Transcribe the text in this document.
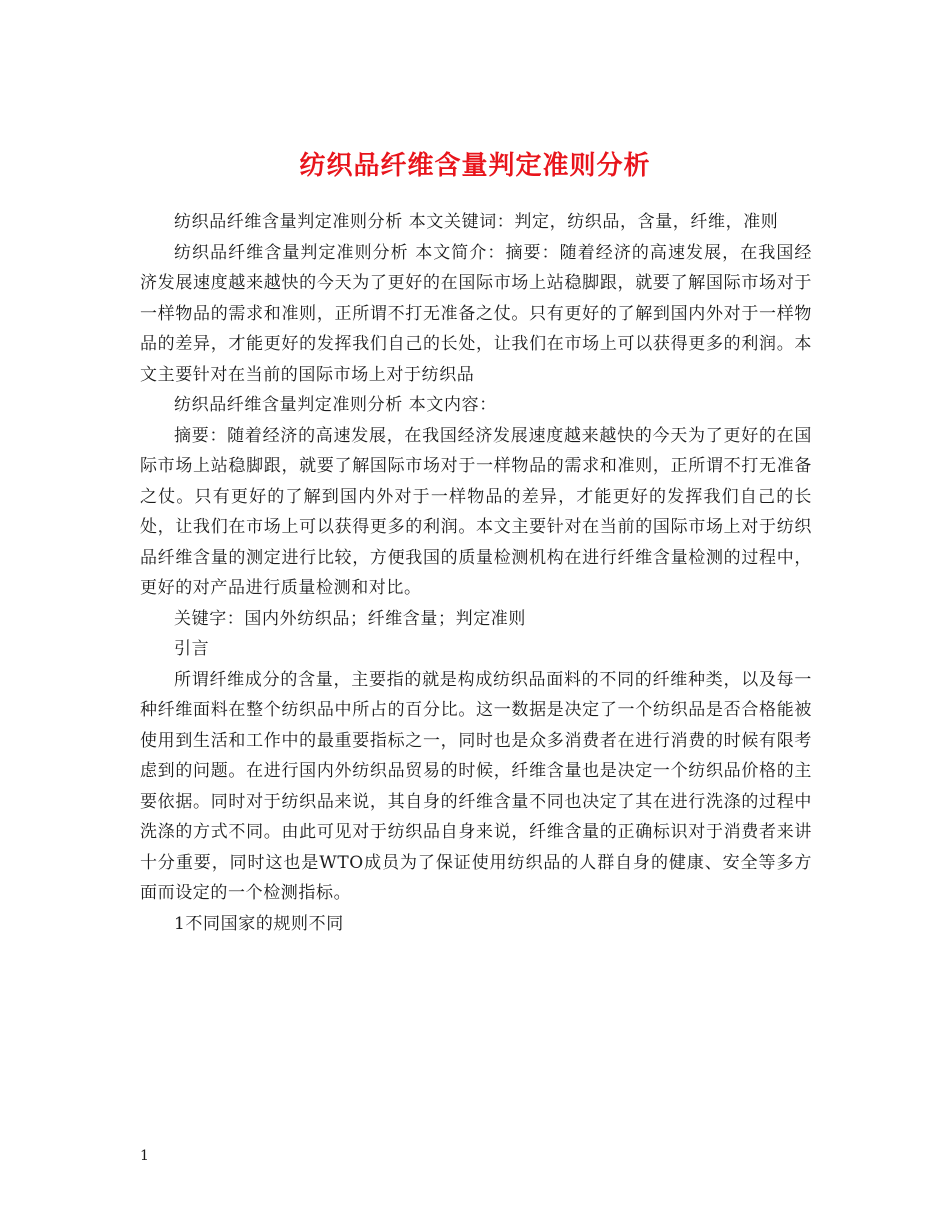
纺织品纤维含量判定准则分析

纺织品纤维含量判定准则分析 本文关键词：判定，纺织品，含量，纤维，准则

纺织品纤维含量判定准则分析 本文简介：摘要：随着经济的高速发展，在我国经济发展速度越来越快的今天为了更好的在国际市场上站稳脚跟，就要了解国际市场对于一样物品的需求和准则，正所谓不打无准备之仗。只有更好的了解到国内外对于一样物品的差异，才能更好的发挥我们自己的长处，让我们在市场上可以获得更多的利润。本文主要针对在当前的国际市场上对于纺织品

纺织品纤维含量判定准则分析 本文内容：

摘要：随着经济的高速发展，在我国经济发展速度越来越快的今天为了更好的在国际市场上站稳脚跟，就要了解国际市场对于一样物品的需求和准则，正所谓不打无准备之仗。只有更好的了解到国内外对于一样物品的差异，才能更好的发挥我们自己的长处，让我们在市场上可以获得更多的利润。本文主要针对在当前的国际市场上对于纺织品纤维含量的测定进行比较，方便我国的质量检测机构在进行纤维含量检测的过程中，更好的对产品进行质量检测和对比。

关键字：国内外纺织品；纤维含量；判定准则

引言

所谓纤维成分的含量，主要指的就是构成纺织品面料的不同的纤维种类，以及每一种纤维面料在整个纺织品中所占的百分比。这一数据是决定了一个纺织品是否合格能被使用到生活和工作中的最重要指标之一，同时也是众多消费者在进行消费的时候有限考虑到的问题。在进行国内外纺织品贸易的时候，纤维含量也是决定一个纺织品价格的主要依据。同时对于纺织品来说，其自身的纤维含量不同也决定了其在进行洗涤的过程中洗涤的方式不同。由此可见对于纺织品自身来说，纤维含量的正确标识对于消费者来讲十分重要，同时这也是WTO成员为了保证使用纺织品的人群自身的健康、安全等多方面而设定的一个检测指标。

1不同国家的规则不同

1
